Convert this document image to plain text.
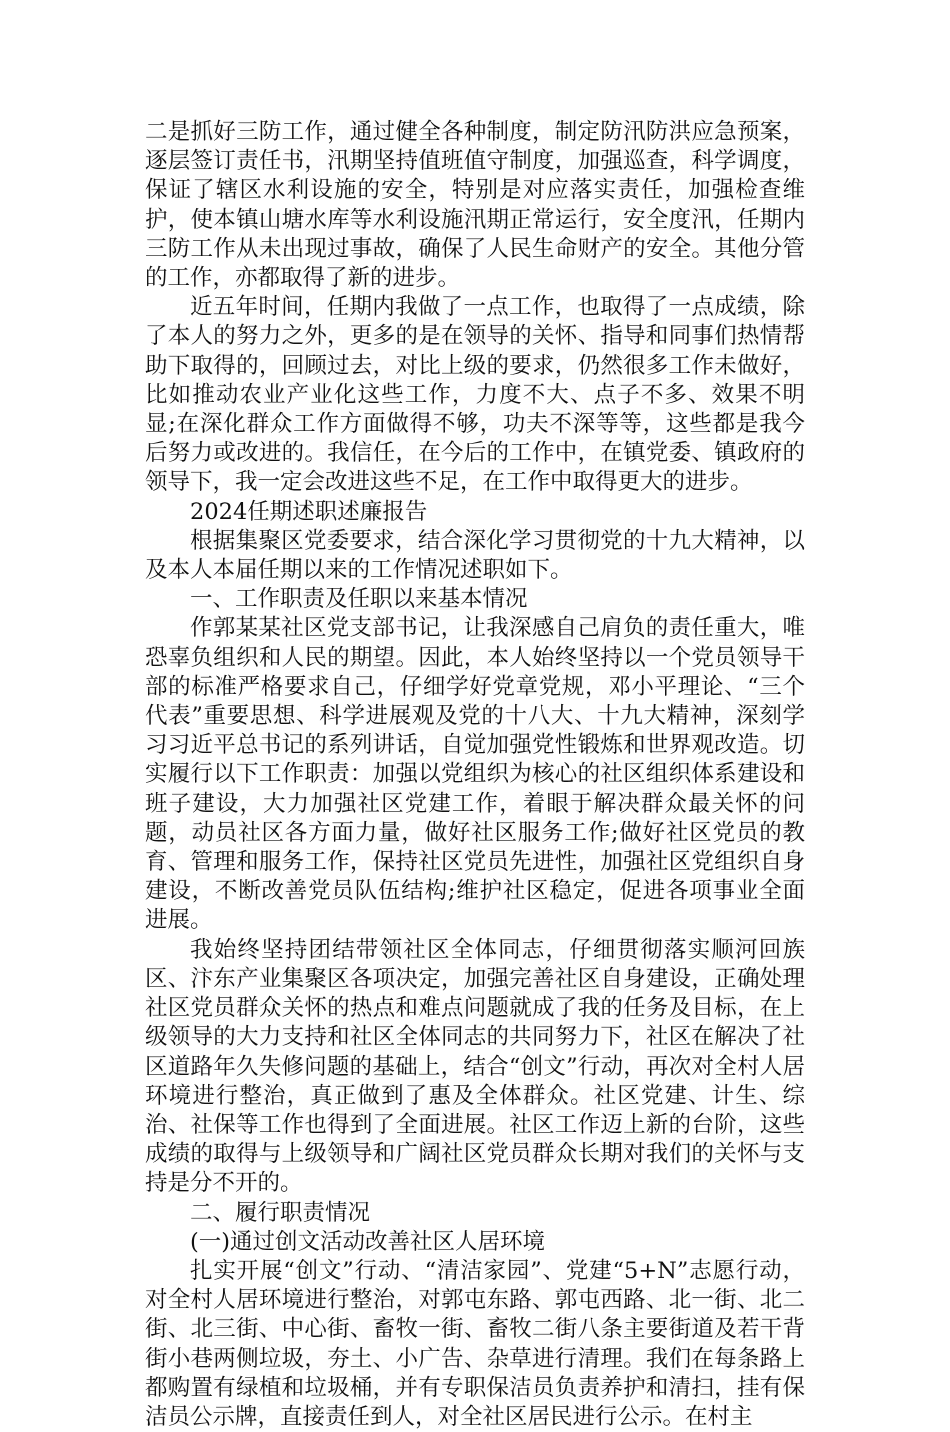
二是抓好三防工作，通过健全各种制度，制定防汛防洪应急预案，逐层签订责任书，汛期坚持值班值守制度，加强巡查，科学调度，保证了辖区水利设施的安全，特别是对应落实责任，加强检查维护，使本镇山塘水库等水利设施汛期正常运行，安全度汛，任期内三防工作从未出现过事故，确保了人民生命财产的安全。其他分管的工作，亦都取得了新的进步。

近五年时间，任期内我做了一点工作，也取得了一点成绩，除了本人的努力之外，更多的是在领导的关怀、指导和同事们热情帮助下取得的，回顾过去，对比上级的要求，仍然很多工作未做好，比如推动农业产业化这些工作，力度不大、点子不多、效果不明显;在深化群众工作方面做得不够，功夫不深等等，这些都是我今后努力或改进的。我信任，在今后的工作中，在镇党委、镇政府的领导下，我一定会改进这些不足，在工作中取得更大的进步。

2024任期述职述廉报告

根据集聚区党委要求，结合深化学习贯彻党的十九大精神，以及本人本届任期以来的工作情况述职如下。

一、工作职责及任职以来基本情况

作郭某某社区党支部书记，让我深感自己肩负的责任重大，唯恐辜负组织和人民的期望。因此，本人始终坚持以一个党员领导干部的标准严格要求自己，仔细学好党章党规，邓小平理论、“三个代表”重要思想、科学进展观及党的十八大、十九大精神，深刻学习习近平总书记的系列讲话，自觉加强党性锻炼和世界观改造。切实履行以下工作职责：加强以党组织为核心的社区组织体系建设和班子建设，大力加强社区党建工作，着眼于解决群众最关怀的问题，动员社区各方面力量，做好社区服务工作;做好社区党员的教育、管理和服务工作，保持社区党员先进性，加强社区党组织自身建设，不断改善党员队伍结构;维护社区稳定，促进各项事业全面进展。

我始终坚持团结带领社区全体同志，仔细贯彻落实顺河回族区、汴东产业集聚区各项决定，加强完善社区自身建设，正确处理社区党员群众关怀的热点和难点问题就成了我的任务及目标，在上级领导的大力支持和社区全体同志的共同努力下，社区在解决了社区道路年久失修问题的基础上，结合“创文”行动，再次对全村人居环境进行整治，真正做到了惠及全体群众。社区党建、计生、综治、社保等工作也得到了全面进展。社区工作迈上新的台阶，这些成绩的取得与上级领导和广阔社区党员群众长期对我们的关怀与支持是分不开的。

二、履行职责情况

(一)通过创文活动改善社区人居环境

扎实开展“创文”行动、“清洁家园”、党建“5+N”志愿行动，对全村人居环境进行整治，对郭屯东路、郭屯西路、北一街、北二街、北三街、中心街、畜牧一街、畜牧二街八条主要街道及若干背街小巷两侧垃圾，夯土、小广告、杂草进行清理。我们在每条路上都购置有绿植和垃圾桶，并有专职保洁员负责养护和清扫，挂有保洁员公示牌，直接责任到人，对全社区居民进行公示。在村主
